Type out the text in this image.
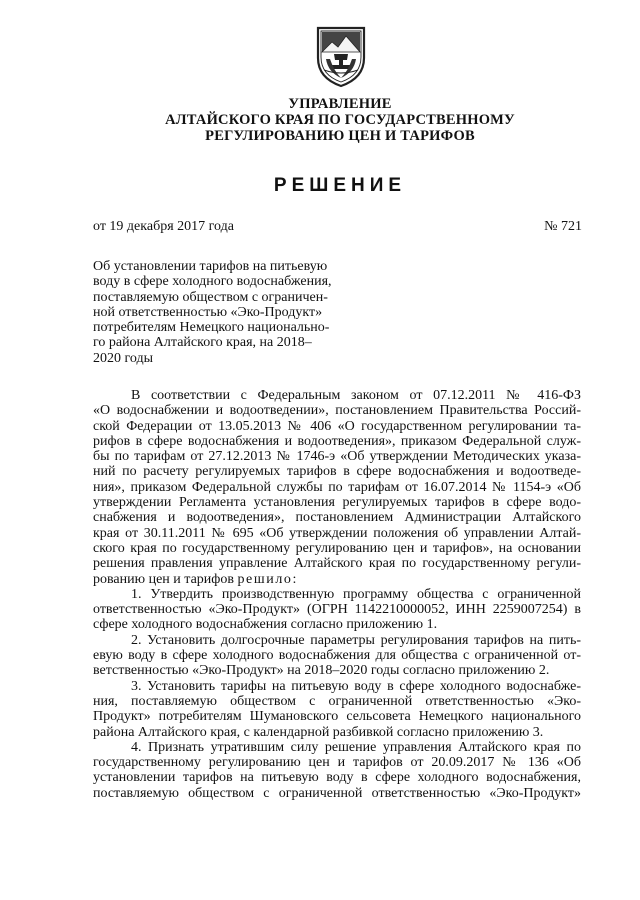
УПРАВЛЕНИЕ
АЛТАЙСКОГО КРАЯ ПО ГОСУДАРСТВЕННОМУ
РЕГУЛИРОВАНИЮ ЦЕН И ТАРИФОВ
РЕШЕНИЕ
от 19 декабря 2017 года	№ 721
Об установлении тарифов на питьевую
воду в сфере холодного водоснабжения,
поставляемую обществом с ограничен-
ной ответственностью «Эко-Продукт»
потребителям Немецкого национально-
го района Алтайского края, на 2018–
2020 годы
В соответствии с Федеральным законом от 07.12.2011 № 416-ФЗ
«О водоснабжении и водоотведении», постановлением Правительства Россий-
ской Федерации от 13.05.2013 № 406 «О государственном регулировании та-
рифов в сфере водоснабжения и водоотведения», приказом Федеральной служ-
бы по тарифам от 27.12.2013 № 1746-э «Об утверждении Методических указа-
ний по расчету регулируемых тарифов в сфере водоснабжения и водоотведе-
ния», приказом Федеральной службы по тарифам от 16.07.2014 № 1154-э «Об
утверждении Регламента установления регулируемых тарифов в сфере водо-
снабжения и водоотведения», постановлением Администрации Алтайского
края от 30.11.2011 № 695 «Об утверждении положения об управлении Алтай-
ского края по государственному регулированию цен и тарифов», на основании
решения правления управление Алтайского края по государственному регули-
рованию цен и тарифов решило:
1. Утвердить производственную программу общества с ограниченной
ответственностью «Эко-Продукт» (ОГРН 1142210000052, ИНН 2259007254) в
сфере холодного водоснабжения согласно приложению 1.
2. Установить долгосрочные параметры регулирования тарифов на пить-
евую воду в сфере холодного водоснабжения для общества с ограниченной от-
ветственностью «Эко-Продукт» на 2018–2020 годы согласно приложению 2.
3. Установить тарифы на питьевую воду в сфере холодного водоснабже-
ния, поставляемую обществом с ограниченной ответственностью «Эко-
Продукт» потребителям Шумановского сельсовета Немецкого национального
района Алтайского края, с календарной разбивкой согласно приложению 3.
4. Признать утратившим силу решение управления Алтайского края по
государственному регулированию цен и тарифов от 20.09.2017 № 136 «Об
установлении тарифов на питьевую воду в сфере холодного водоснабжения,
поставляемую обществом с ограниченной ответственностью «Эко-Продукт»
